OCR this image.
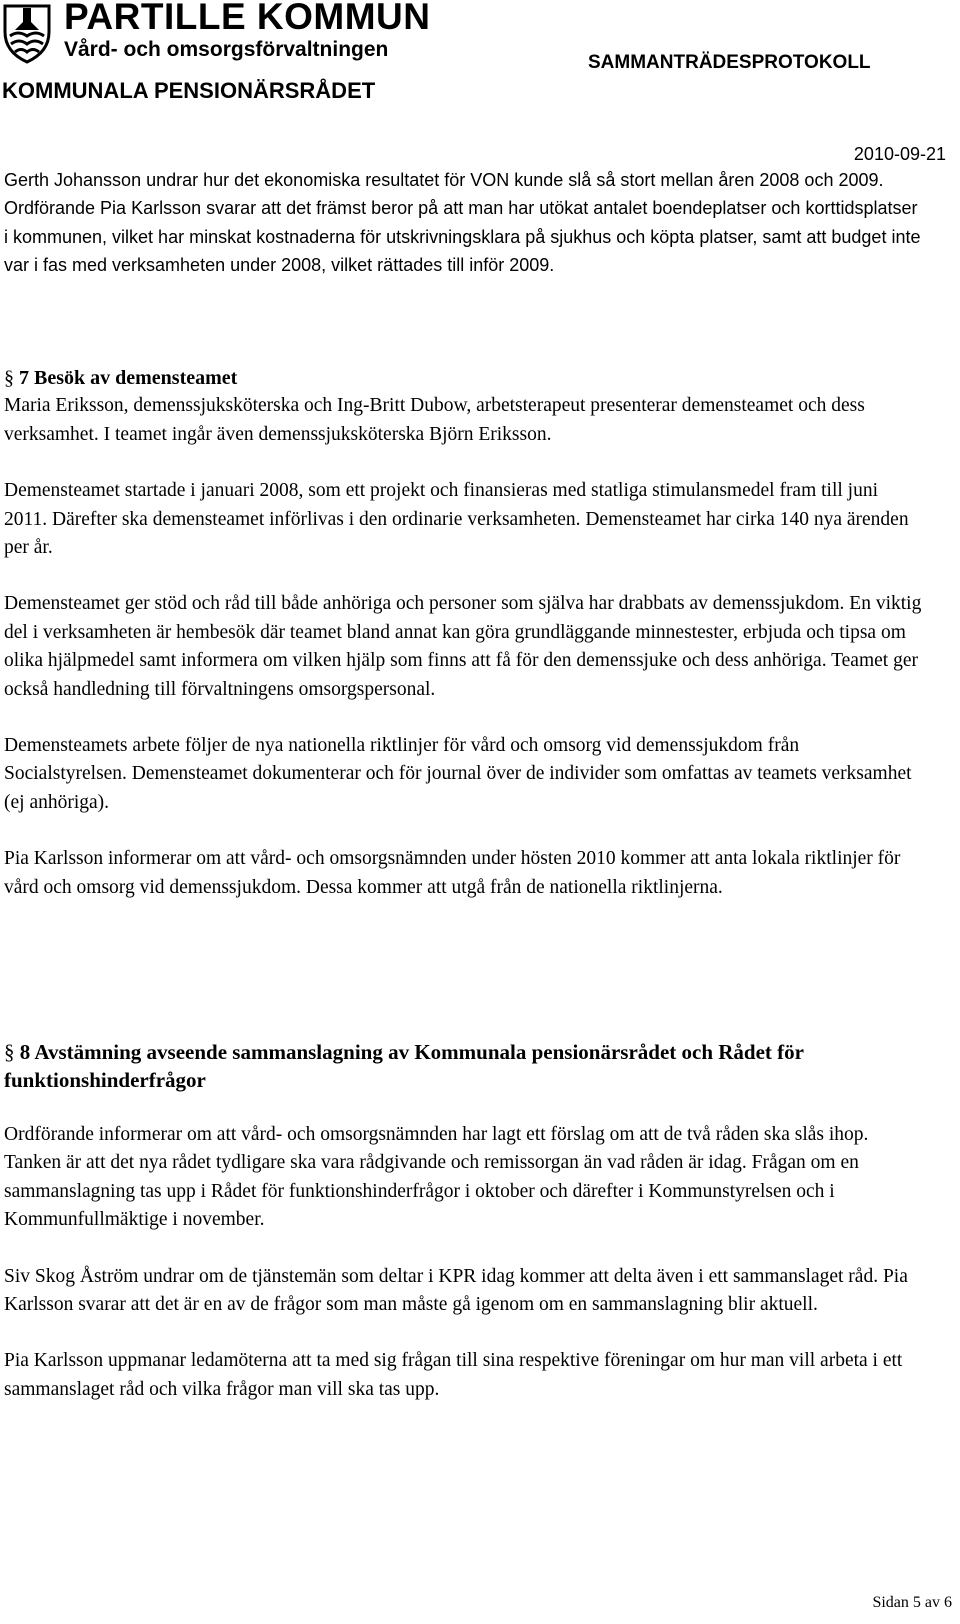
PARTILLE KOMMUN
Vård- och omsorgsförvaltningen
SAMMANTRÄDESPROTOKOLL
KOMMUNALA PENSIONÄRSRÅDET
2010-09-21

Gerth Johansson undrar hur det ekonomiska resultatet för VON kunde slå så stort mellan åren 2008 och 2009. Ordförande Pia Karlsson svarar att det främst beror på att man har utökat antalet boendeplatser och korttidsplatser i kommunen, vilket har minskat kostnaderna för utskrivningsklara på sjukhus och köpta platser, samt att budget inte var i fas med verksamheten under 2008, vilket rättades till inför 2009.

§ 7 Besök av demensteamet

Maria Eriksson, demenssjuksköterska och Ing-Britt Dubow, arbetsterapeut presenterar demensteamet och dess verksamhet. I teamet ingår även demenssjuksköterska Björn Eriksson.

Demensteamet startade i januari 2008, som ett projekt och finansieras med statliga stimulansmedel fram till juni 2011. Därefter ska demensteamet införlivas i den ordinarie verksamheten. Demensteamet har cirka 140 nya ärenden per år.

Demensteamet ger stöd och råd till både anhöriga och personer som själva har drabbats av demenssjukdom. En viktig del i verksamheten är hembesök där teamet bland annat kan göra grundläggande minnestester, erbjuda och tipsa om olika hjälpmedel samt informera om vilken hjälp som finns att få för den demenssjuke och dess anhöriga. Teamet ger också handledning till förvaltningens omsorgspersonal.

Demensteamets arbete följer de nya nationella riktlinjer för vård och omsorg vid demenssjukdom från Socialstyrelsen. Demensteamet dokumenterar och för journal över de individer som omfattas av teamets verksamhet (ej anhöriga).

Pia Karlsson informerar om att vård- och omsorgsnämnden under hösten 2010 kommer att anta lokala riktlinjer för vård och omsorg vid demenssjukdom. Dessa kommer att utgå från de nationella riktlinjerna.

§ 8 Avstämning avseende sammanslagning av Kommunala pensionärsrådet och Rådet för funktionshinderfrågor

Ordförande informerar om att vård- och omsorgsnämnden har lagt ett förslag om att de två råden ska slås ihop. Tanken är att det nya rådet tydligare ska vara rådgivande och remissorgan än vad råden är idag. Frågan om en sammanslagning tas upp i Rådet för funktionshinderfrågor i oktober och därefter i Kommunstyrelsen och i Kommunfullmäktige i november.

Siv Skog Åström undrar om de tjänstemän som deltar i KPR idag kommer att delta även i ett sammanslaget råd. Pia Karlsson svarar att det är en av de frågor som man måste gå igenom om en sammanslagning blir aktuell.

Pia Karlsson uppmanar ledamöterna att ta med sig frågan till sina respektive föreningar om hur man vill arbeta i ett sammanslaget råd och vilka frågor man vill ska tas upp.

Sidan 5 av 6
